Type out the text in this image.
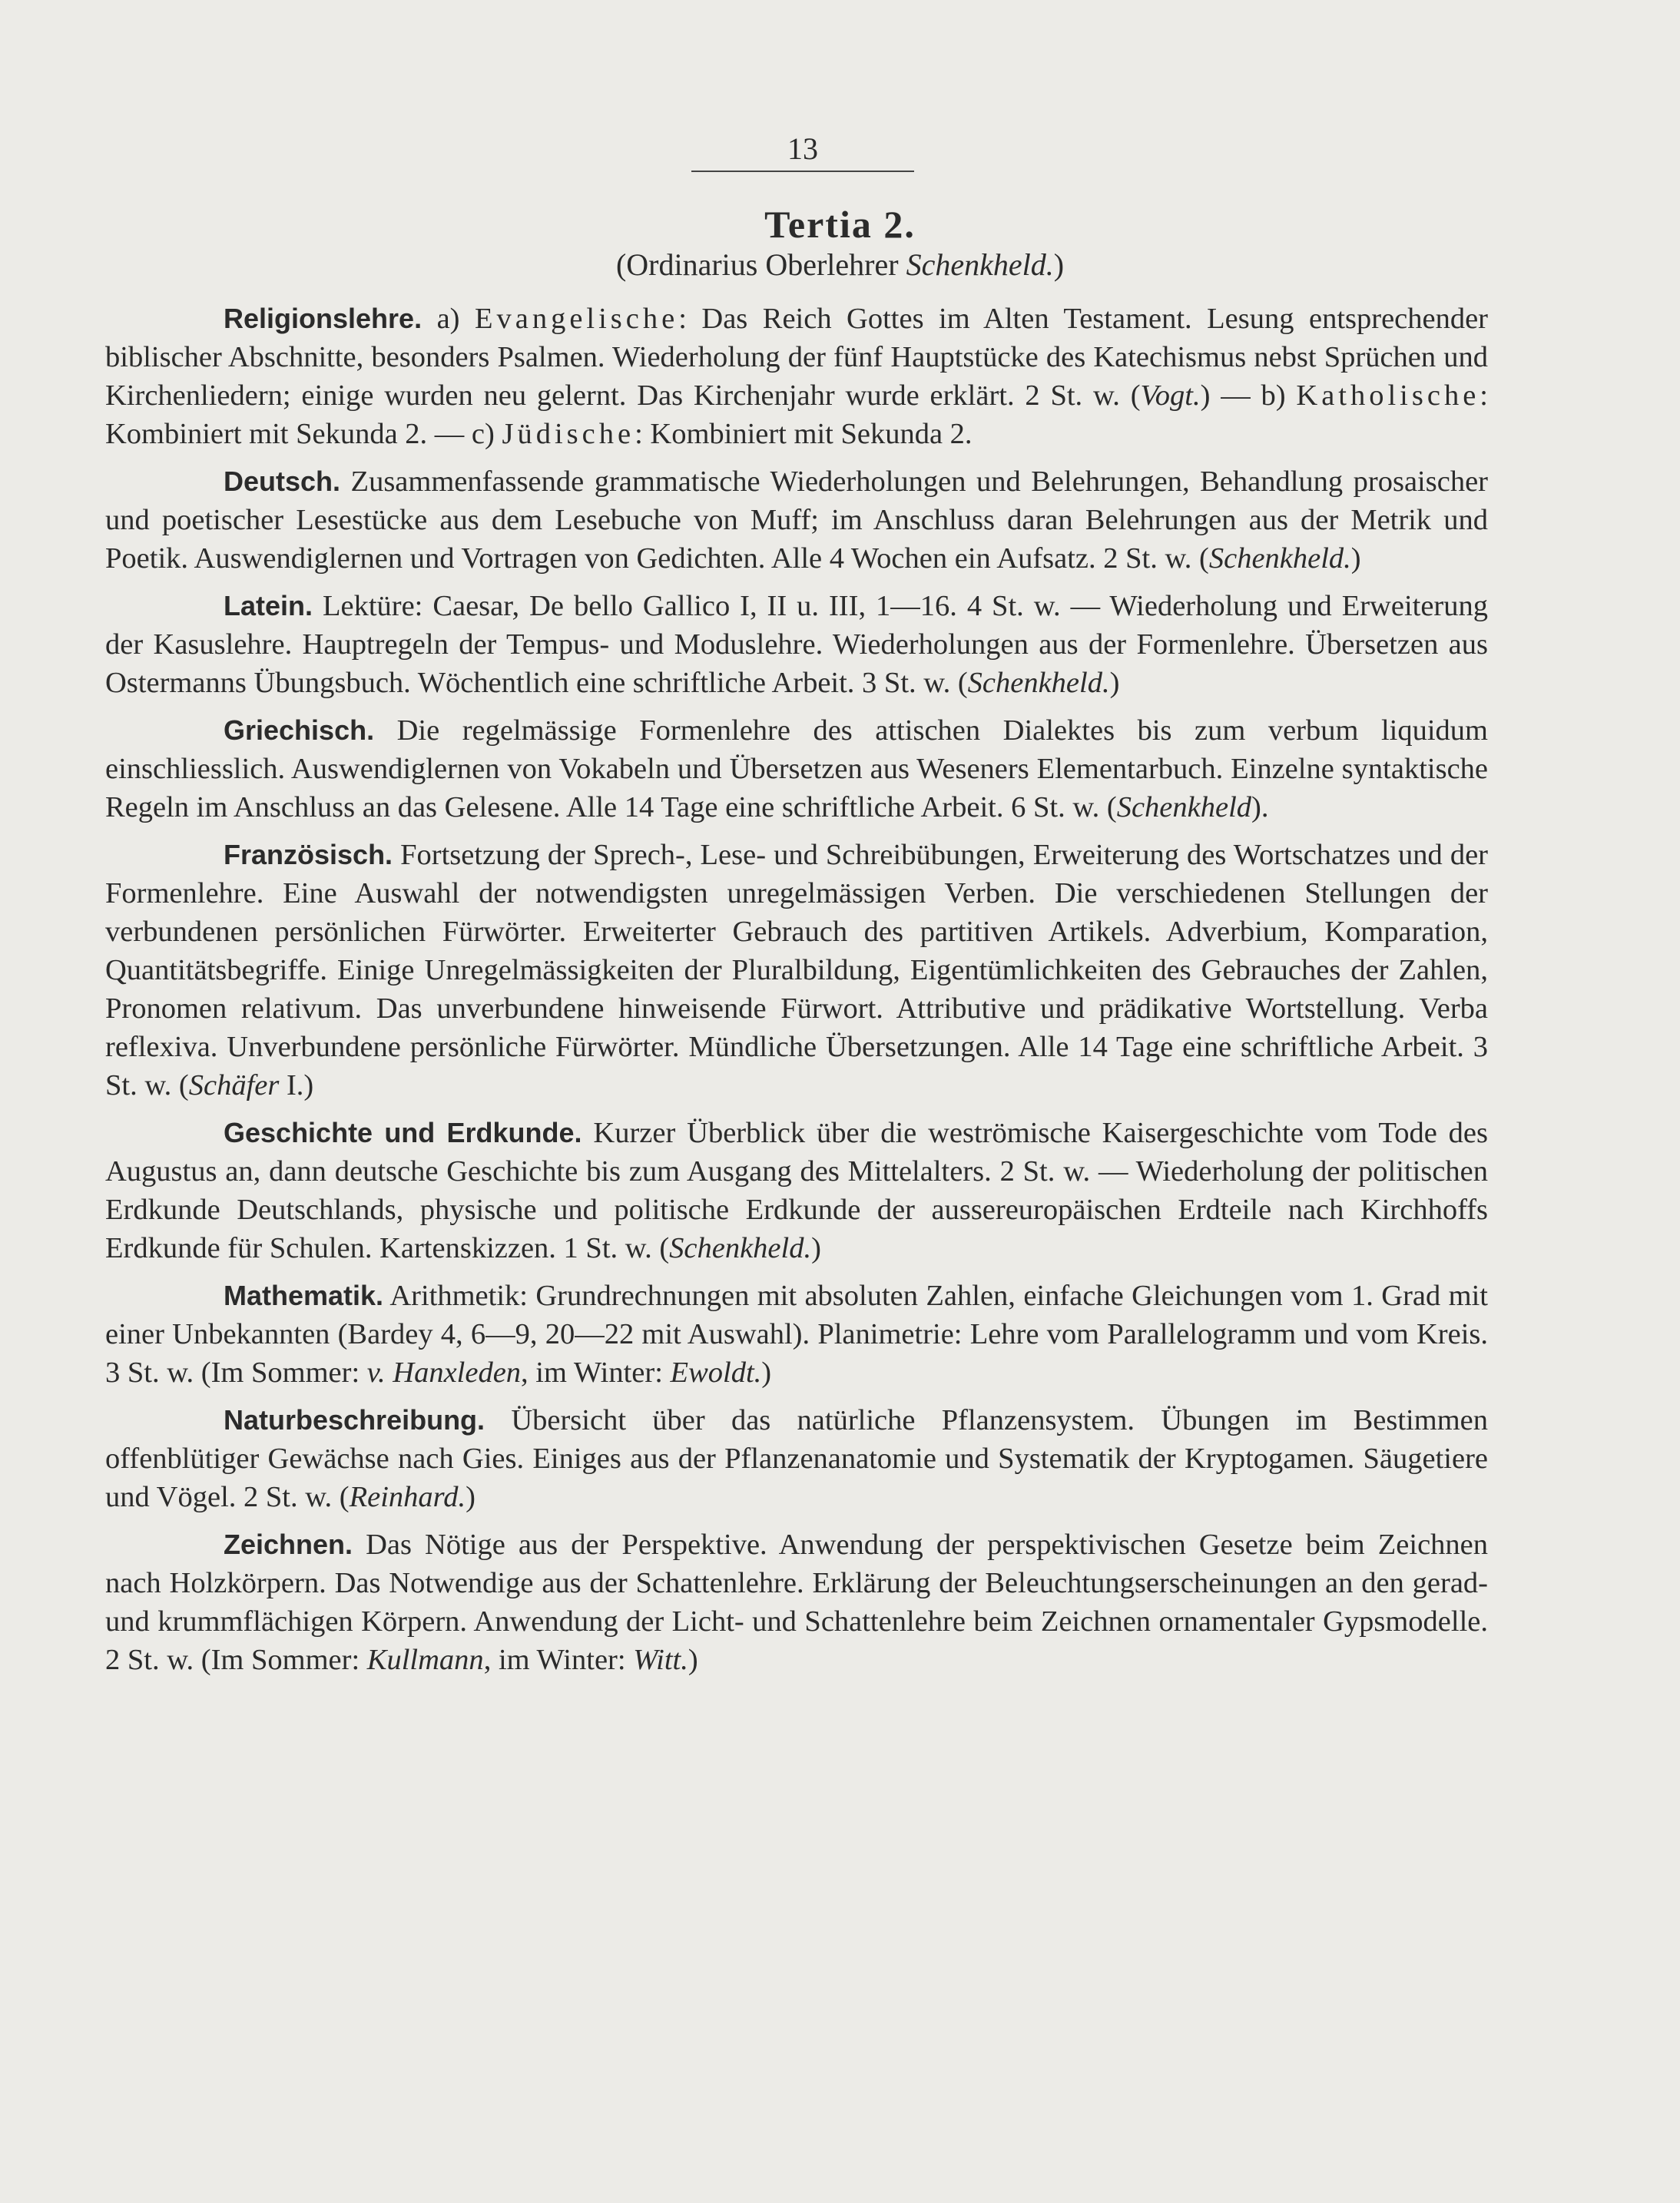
13
Tertia 2.
(Ordinarius Oberlehrer Schenkheld.)

Religionslehre. a) Evangelische: Das Reich Gottes im Alten Testament. Lesung entsprechender biblischer Abschnitte, besonders Psalmen. Wiederholung der fünf Hauptstücke des Katechismus nebst Sprüchen und Kirchenliedern; einige wurden neu gelernt. Das Kirchenjahr wurde erklärt. 2 St. w. (Vogt.) — b) Katholische: Kombiniert mit Sekunda 2. — c) Jüdische: Kombiniert mit Sekunda 2.

Deutsch. Zusammenfassende grammatische Wiederholungen und Belehrungen, Behandlung prosaischer und poetischer Lesestücke aus dem Lesebuche von Muff; im Anschluss daran Belehrungen aus der Metrik und Poetik. Auswendiglernen und Vortragen von Gedichten. Alle 4 Wochen ein Aufsatz. 2 St. w. (Schenkheld.)

Latein. Lektüre: Caesar, De bello Gallico I, II u. III, 1—16. 4 St. w. — Wiederholung und Erweiterung der Kasuslehre. Hauptregeln der Tempus- und Moduslehre. Wiederholungen aus der Formenlehre. Übersetzen aus Ostermanns Übungsbuch. Wöchentlich eine schriftliche Arbeit. 3 St. w. (Schenkheld.)

Griechisch. Die regelmässige Formenlehre des attischen Dialektes bis zum verbum liquidum einschliesslich. Auswendiglernen von Vokabeln und Übersetzen aus Weseners Elementarbuch. Einzelne syntaktische Regeln im Anschluss an das Gelesene. Alle 14 Tage eine schriftliche Arbeit. 6 St. w. (Schenkheld).

Französisch. Fortsetzung der Sprech-, Lese- und Schreibübungen, Erweiterung des Wortschatzes und der Formenlehre. Eine Auswahl der notwendigsten unregelmässigen Verben. Die verschiedenen Stellungen der verbundenen persönlichen Fürwörter. Erweiterter Gebrauch des partitiven Artikels. Adverbium, Komparation, Quantitätsbegriffe. Einige Unregelmässigkeiten der Pluralbildung, Eigentümlichkeiten des Gebrauches der Zahlen, Pronomen relativum. Das unverbundene hinweisende Fürwort. Attributive und prädikative Wortstellung. Verba reflexiva. Unverbundene persönliche Fürwörter. Mündliche Übersetzungen. Alle 14 Tage eine schriftliche Arbeit. 3 St. w. (Schäfer I.)

Geschichte und Erdkunde. Kurzer Überblick über die weströmische Kaisergeschichte vom Tode des Augustus an, dann deutsche Geschichte bis zum Ausgang des Mittelalters. 2 St. w. — Wiederholung der politischen Erdkunde Deutschlands, physische und politische Erdkunde der aussereuropäischen Erdteile nach Kirchhoffs Erdkunde für Schulen. Kartenskizzen. 1 St. w. (Schenkheld.)

Mathematik. Arithmetik: Grundrechnungen mit absoluten Zahlen, einfache Gleichungen vom 1. Grad mit einer Unbekannten (Bardey 4, 6—9, 20—22 mit Auswahl). Planimetrie: Lehre vom Parallelogramm und vom Kreis. 3 St. w. (Im Sommer: v. Hanxleden, im Winter: Ewoldt.)

Naturbeschreibung. Übersicht über das natürliche Pflanzensystem. Übungen im Bestimmen offenblütiger Gewächse nach Gies. Einiges aus der Pflanzenanatomie und Systematik der Kryptogamen. Säugetiere und Vögel. 2 St. w. (Reinhard.)

Zeichnen. Das Nötige aus der Perspektive. Anwendung der perspektivischen Gesetze beim Zeichnen nach Holzkörpern. Das Notwendige aus der Schattenlehre. Erklärung der Beleuchtungserscheinungen an den gerad- und krummflächigen Körpern. Anwendung der Licht- und Schattenlehre beim Zeichnen ornamentaler Gypsmodelle. 2 St. w. (Im Sommer: Kullmann, im Winter: Witt.)
